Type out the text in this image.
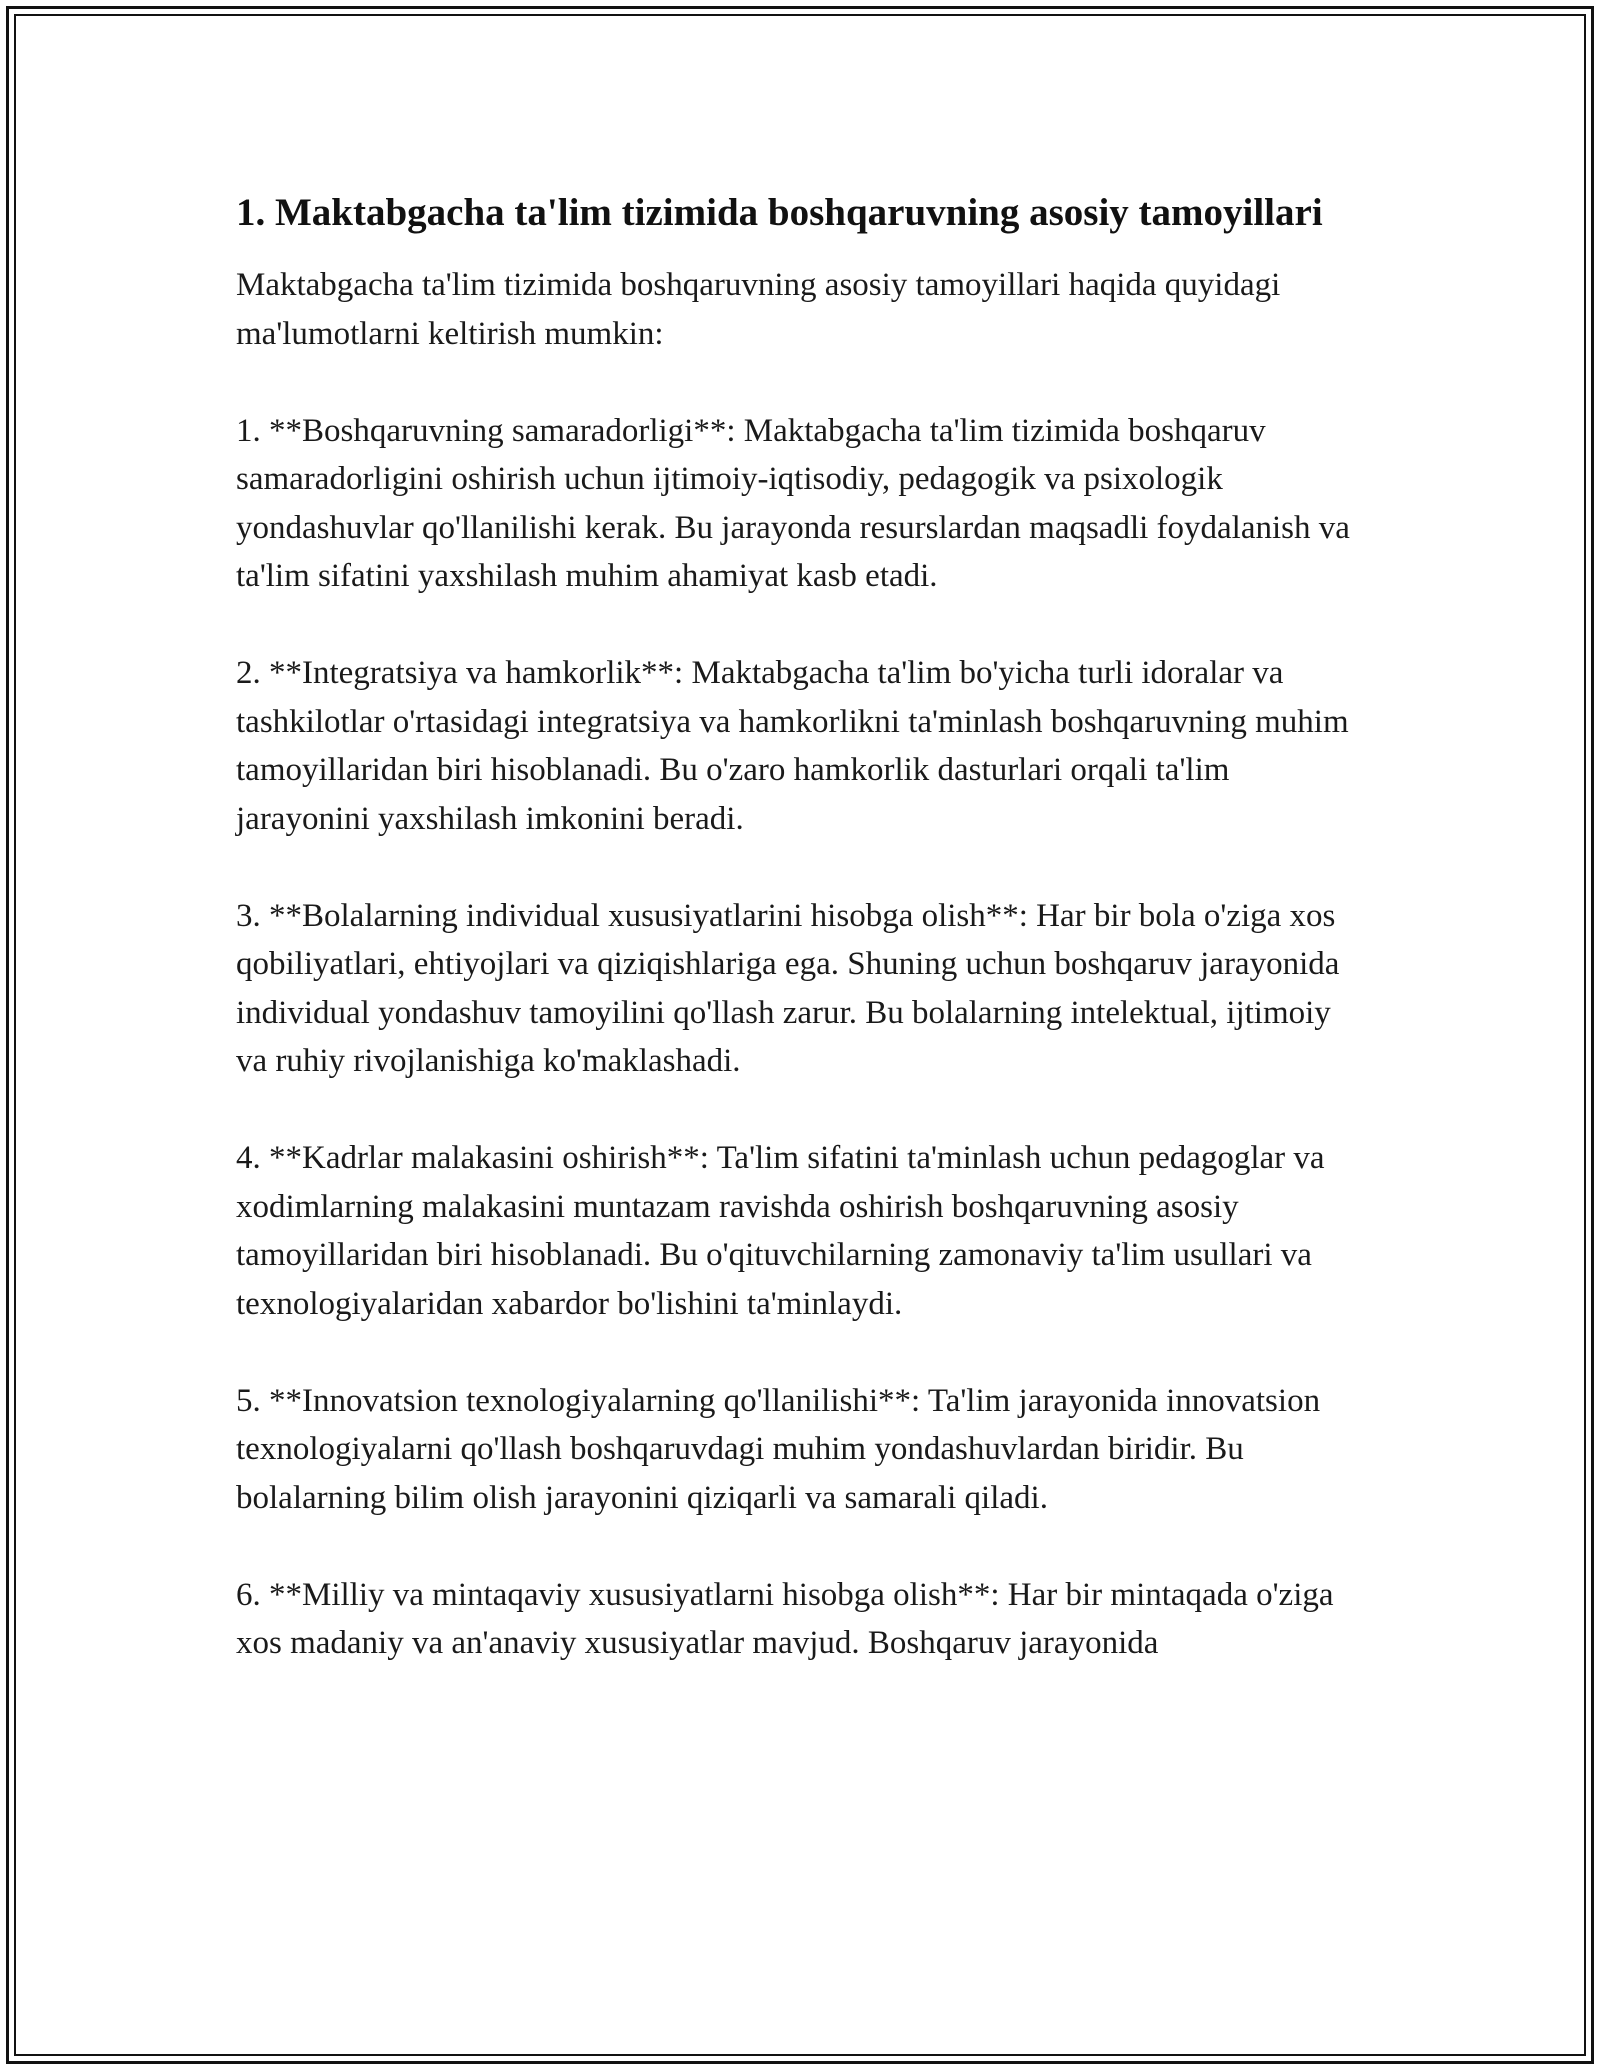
1. Maktabgacha ta'lim tizimida boshqaruvning asosiy tamoyillari

Maktabgacha ta'lim tizimida boshqaruvning asosiy tamoyillari haqida quyidagi ma'lumotlarni keltirish mumkin:

1. **Boshqaruvning samaradorligi**: Maktabgacha ta'lim tizimida boshqaruv samaradorligini oshirish uchun ijtimoiy-iqtisodiy, pedagogik va psixologik yondashuvlar qo'llanilishi kerak. Bu jarayonda resurslardan maqsadli foydalanish va ta'lim sifatini yaxshilash muhim ahamiyat kasb etadi.

2. **Integratsiya va hamkorlik**: Maktabgacha ta'lim bo'yicha turli idoralar va tashkilotlar o'rtasidagi integratsiya va hamkorlikni ta'minlash boshqaruvning muhim tamoyillaridan biri hisoblanadi. Bu o'zaro hamkorlik dasturlari orqali ta'lim jarayonini yaxshilash imkonini beradi.

3. **Bolalarning individual xususiyatlarini hisobga olish**: Har bir bola o'ziga xos qobiliyatlari, ehtiyojlari va qiziqishlariga ega. Shuning uchun boshqaruv jarayonida individual yondashuv tamoyilini qo'llash zarur. Bu bolalarning intelektual, ijtimoiy va ruhiy rivojlanishiga ko'maklashadi.

4. **Kadrlar malakasini oshirish**: Ta'lim sifatini ta'minlash uchun pedagoglar va xodimlarning malakasini muntazam ravishda oshirish boshqaruvning asosiy tamoyillaridan biri hisoblanadi. Bu o'qituvchilarning zamonaviy ta'lim usullari va texnologiyalaridan xabardor bo'lishini ta'minlaydi.

5. **Innovatsion texnologiyalarning qo'llanilishi**: Ta'lim jarayonida innovatsion texnologiyalarni qo'llash boshqaruvdagi muhim yondashuvlardan biridir. Bu bolalarning bilim olish jarayonini qiziqarli va samarali qiladi.

6. **Milliy va mintaqaviy xususiyatlarni hisobga olish**: Har bir mintaqada o'ziga xos madaniy va an'anaviy xususiyatlar mavjud. Boshqaruv jarayonida
